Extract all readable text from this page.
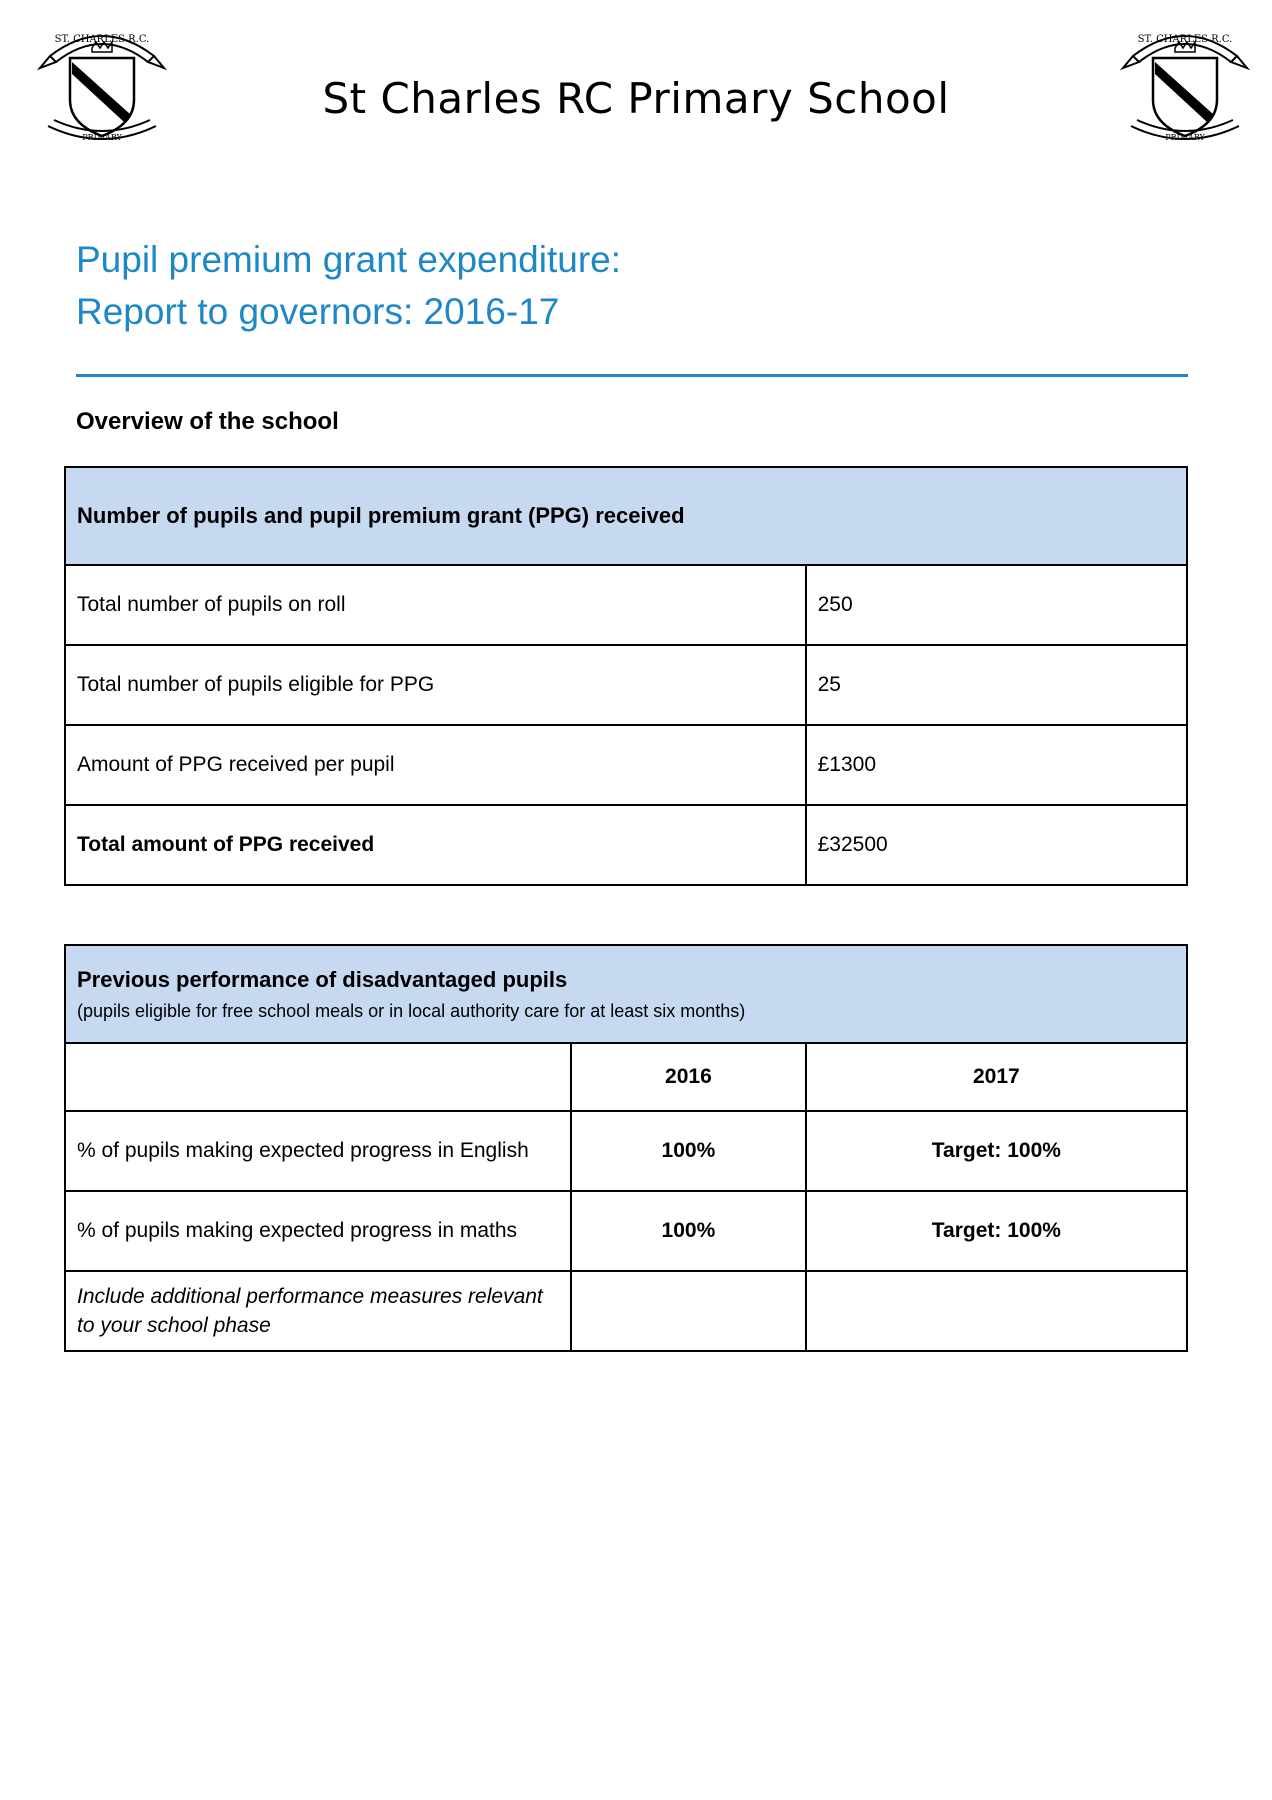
ST. CHARLES R.C.
PRIMARY
ST. CHARLES R.C.
PRIMARY
St Charles RC Primary School
Pupil premium grant expenditure:
Report to governors: 2016-17
Overview of the school
Number of pupils and pupil premium grant (PPG) received	
Total number of pupils on roll	250
Total number of pupils eligible for PPG	25
Amount of PPG received per pupil	£1300
Total amount of PPG received	£32500
Previous performance of disadvantaged pupils
(pupils eligible for free school meals or in local authority care for at least six months)		

	2016	2017
% of pupils making expected progress in English	100%	Target: 100%
% of pupils making expected progress in maths	100%	Target: 100%
Include additional performance measures relevant to your school phase		
